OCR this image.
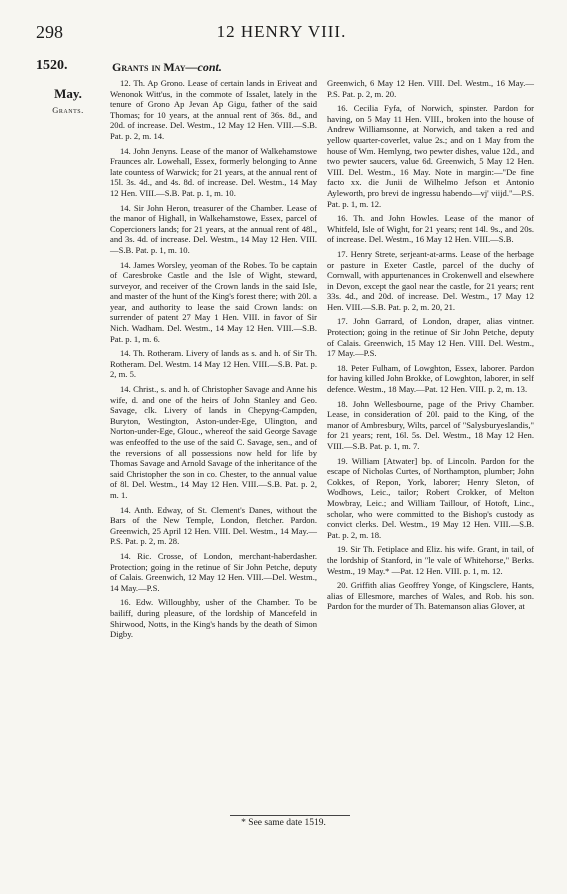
298	12 HENRY VIII.
1520.
May.
Grants.
Grants in May—cont.

12. Th. Ap Grono. Lease of certain lands in Eriveat and Wenonok Witt'us, in the commote of Issalet, lately in the tenure of Grono Ap Jevan Ap Gigu, father of the said Thomas; for 10 years, at the annual rent of 36s. 8d., and 20d. of increase. Del. Westm., 12 May 12 Hen. VIII.—S.B. Pat. p. 2, m. 14.

14. John Jenyns. Lease of the manor of Walkehamstowe Fraunces alr. Lowehall, Essex, formerly belonging to Anne late countess of Warwick; for 21 years, at the annual rent of 15l. 3s. 4d., and 4s. 8d. of increase. Del. Westm., 14 May 12 Hen. VIII.—S.B. Pat. p. 1, m. 10.

14. Sir John Heron, treasurer of the Chamber. Lease of the manor of Highall, in Walkehamstowe, Essex, parcel of Copercioners lands; for 21 years, at the annual rent of 48l., and 3s. 4d. of increase. Del. Westm., 14 May 12 Hen. VIII.—S.B. Pat. p. 1, m. 10.

14. James Worsley, yeoman of the Robes. To be captain of Caresbroke Castle and the Isle of Wight, steward, surveyor, and receiver of the Crown lands in the said Isle, and master of the hunt of the King's forest there; with 20l. a year, and authority to lease the said Crown lands: on surrender of patent 27 May 1 Hen. VIII. in favor of Sir Nich. Wadham. Del. Westm., 14 May 12 Hen. VIII.—S.B. Pat. p. 1, m. 6.

14. Th. Rotheram. Livery of lands as s. and h. of Sir Th. Rotheram. Del. Westm. 14 May 12 Hen. VIII.—S.B. Pat. p. 2, m. 5.

14. Christ., s. and h. of Christopher Savage and Anne his wife, d. and one of the heirs of John Stanley and Geo. Savage, clk. Livery of lands in Chepyng-Campden, Buryton, Westington, Aston-under-Ege, Ulington, and Norton-under-Ege, Glouc., whereof the said George Savage was enfeoffed to the use of the said C. Savage, sen., and of the reversions of all possessions now held for life by Thomas Savage and Arnold Savage of the inheritance of the said Christopher the son in co. Chester, to the annual value of 8l. Del. Westm., 14 May 12 Hen. VIII.—S.B. Pat. p. 2, m. 1.

14. Anth. Edway, of St. Clement's Danes, without the Bars of the New Temple, London, fletcher. Pardon. Greenwich, 25 April 12 Hen. VIII. Del. Westm., 14 May.—P.S. Pat. p. 2, m. 28.

14. Ric. Crosse, of London, merchant-haberdasher. Protection; going in the retinue of Sir John Petche, deputy of Calais. Greenwich, 12 May 12 Hen. VIII.—Del. Westm., 14 May.—P.S.

16. Edw. Willoughby, usher of the Chamber. To be bailiff, during pleasure, of the lordship of Mancefeld in Shirwood, Notts, in the King's hands by the death of Simon Digby.

Greenwich, 6 May 12 Hen. VIII. Del. Westm., 16 May.—P.S. Pat. p. 2, m. 20.

16. Cecilia Fyfa, of Norwich, spinster. Pardon for having, on 5 May 11 Hen. VIII., broken into the house of Andrew Williamsonne, at Norwich, and taken a red and yellow quarter-coverlet, value 2s.; and on 1 May from the house of Wm. Hemlyng, two pewter dishes, value 12d., and two pewter saucers, value 6d. Greenwich, 5 May 12 Hen. VIII. Del. Westm., 16 May. Note in margin:—"De fine facto xx. die Junii de Wilhelmo Jefson et Antonio Ayleworth, pro brevi de ingressu habendo—vj' viijd."—P.S. Pat. p. 1, m. 12.

16. Th. and John Howles. Lease of the manor of Whitfeld, Isle of Wight, for 21 years; rent 14l. 9s., and 20s. of increase. Del. Westm., 16 May 12 Hen. VIII.—S.B.

17. Henry Strete, serjeant-at-arms. Lease of the herbage or pasture in Exeter Castle, parcel of the duchy of Cornwall, with appurtenances in Crokenwell and elsewhere in Devon, except the gaol near the castle, for 21 years; rent 33s. 4d., and 20d. of increase. Del. Westm., 17 May 12 Hen. VIII.—S.B. Pat. p. 2, m. 20, 21.

17. John Garrard, of London, draper, alias vintner. Protection; going in the retinue of Sir John Petche, deputy of Calais. Greenwich, 15 May 12 Hen. VIII. Del. Westm., 17 May.—P.S.

18. Peter Fulham, of Lowghton, Essex, laborer. Pardon for having killed John Brokke, of Lowghton, laborer, in self defence. Westm., 18 May.—Pat. 12 Hen. VIII. p. 2, m. 13.

18. John Wellesbourne, page of the Privy Chamber. Lease, in consideration of 20l. paid to the King, of the manor of Ambresbury, Wilts, parcel of "Salysburyeslandis," for 21 years; rent, 16l. 5s. Del. Westm., 18 May 12 Hen. VIII.—S.B. Pat. p. 1, m. 7.

19. William [Atwater] bp. of Lincoln. Pardon for the escape of Nicholas Curtes, of Northampton, plumber; John Cokkes, of Repon, York, laborer; Henry Sleton, of Wodhows, Leic., tailor; Robert Crokker, of Melton Mowbray, Leic.; and William Taillour, of Hotoft, Linc., scholar, who were committed to the Bishop's custody as convict clerks. Del. Westm., 19 May 12 Hen. VIII.—S.B. Pat. p. 2, m. 18.

19. Sir Th. Fetiplace and Eliz. his wife. Grant, in tail, of the lordship of Stanford, in "le vale of Whitehorse," Berks. Westm., 19 May.* —Pat. 12 Hen. VIII. p. 1, m. 12.

20. Griffith alias Geoffrey Yonge, of Kingsclere, Hants, alias of Ellesmore, marches of Wales, and Rob. his son. Pardon for the murder of Th. Batemanson alias Glover, at

* See same date 1519.
